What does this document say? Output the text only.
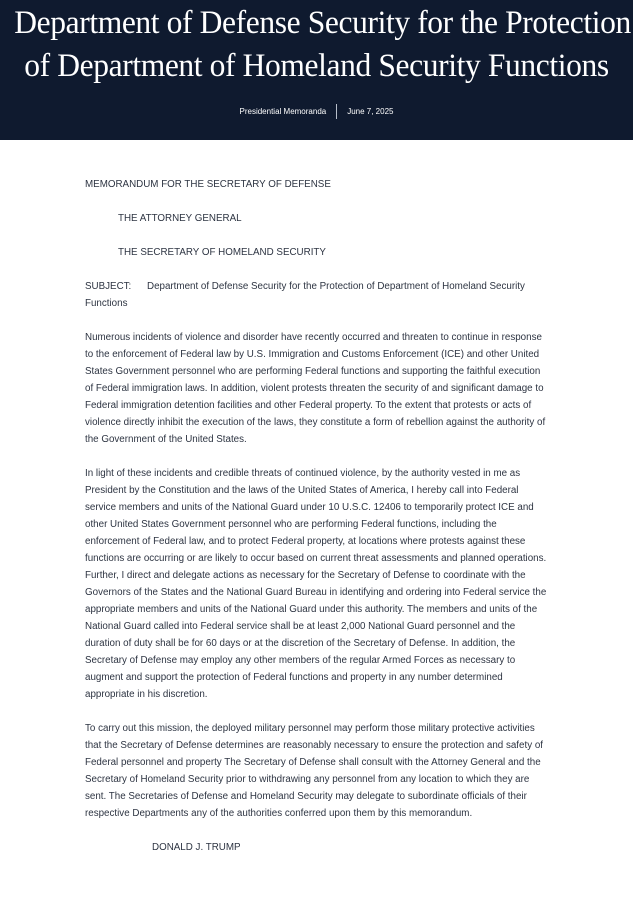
Department of Defense Security for the Protection
of Department of Homeland Security Functions
Presidential Memoranda	June 7, 2025

MEMORANDUM FOR THE SECRETARY OF DEFENSE

THE ATTORNEY GENERAL

THE SECRETARY OF HOMELAND SECURITY

SUBJECT: Department of Defense Security for the Protection of Department of Homeland Security Functions

Numerous incidents of violence and disorder have recently occurred and threaten to continue in response to the enforcement of Federal law by U.S. Immigration and Customs Enforcement (ICE) and other United States Government personnel who are performing Federal functions and supporting the faithful execution of Federal immigration laws. In addition, violent protests threaten the security of and significant damage to Federal immigration detention facilities and other Federal property. To the extent that protests or acts of violence directly inhibit the execution of the laws, they constitute a form of rebellion against the authority of the Government of the United States.

In light of these incidents and credible threats of continued violence, by the authority vested in me as President by the Constitution and the laws of the United States of America, I hereby call into Federal service members and units of the National Guard under 10 U.S.C. 12406 to temporarily protect ICE and other United States Government personnel who are performing Federal functions, including the enforcement of Federal law, and to protect Federal property, at locations where protests against these functions are occurring or are likely to occur based on current threat assessments and planned operations. Further, I direct and delegate actions as necessary for the Secretary of Defense to coordinate with the Governors of the States and the National Guard Bureau in identifying and ordering into Federal service the appropriate members and units of the National Guard under this authority. The members and units of the National Guard called into Federal service shall be at least 2,000 National Guard personnel and the duration of duty shall be for 60 days or at the discretion of the Secretary of Defense. In addition, the Secretary of Defense may employ any other members of the regular Armed Forces as necessary to augment and support the protection of Federal functions and property in any number determined appropriate in his discretion.

To carry out this mission, the deployed military personnel may perform those military protective activities that the Secretary of Defense determines are reasonably necessary to ensure the protection and safety of Federal personnel and property The Secretary of Defense shall consult with the Attorney General and the Secretary of Homeland Security prior to withdrawing any personnel from any location to which they are sent. The Secretaries of Defense and Homeland Security may delegate to subordinate officials of their respective Departments any of the authorities conferred upon them by this memorandum.

DONALD J. TRUMP
